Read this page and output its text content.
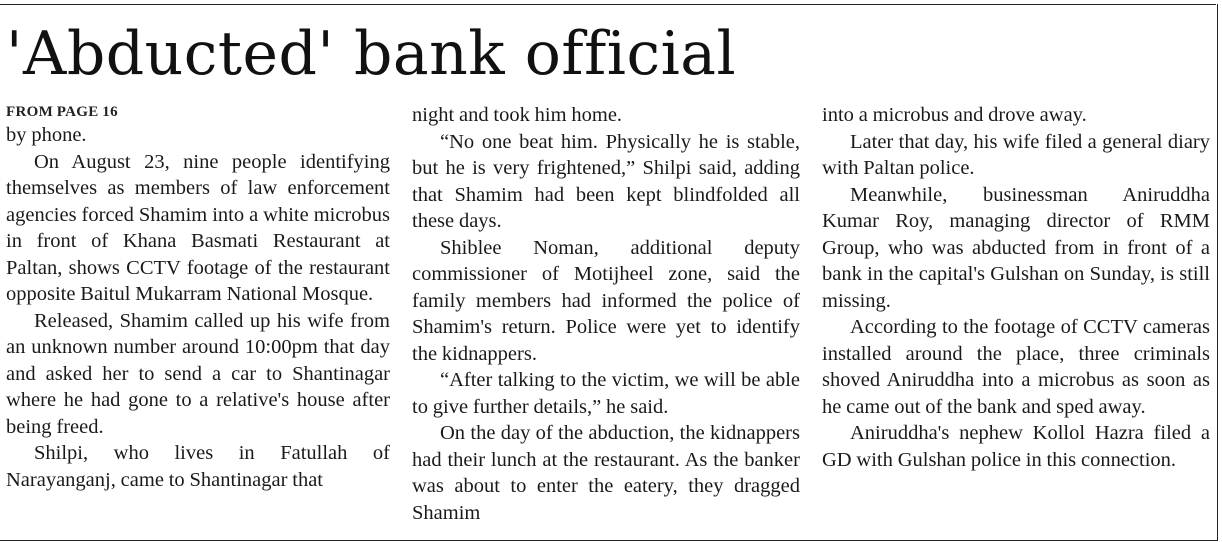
'Abducted' bank official
FROM PAGE 16

by phone.

On August 23, nine people identifying themselves as members of law enforcement agencies forced Shamim into a white microbus in front of Khana Basmati Restaurant at Paltan, shows CCTV footage of the restaurant opposite Baitul Mukarram National Mosque.

Released, Shamim called up his wife from an unknown number around 10:00pm that day and asked her to send a car to Shantinagar where he had gone to a relative's house after being freed.

Shilpi, who lives in Fatullah of Narayanganj, came to Shantinagar that

night and took him home.

“No one beat him. Physically he is stable, but he is very frightened,” Shilpi said, adding that Shamim had been kept blindfolded all these days.

Shiblee Noman, additional deputy commissioner of Motijheel zone, said the family members had informed the police of Shamim's return. Police were yet to identify the kidnappers.

“After talking to the victim, we will be able to give further details,” he said.

On the day of the abduction, the kidnappers had their lunch at the restaurant. As the banker was about to enter the eatery, they dragged Shamim

into a microbus and drove away.

Later that day, his wife filed a general diary with Paltan police.

Meanwhile, businessman Aniruddha Kumar Roy, managing director of RMM Group, who was abducted from in front of a bank in the capital's Gulshan on Sunday, is still missing.

According to the footage of CCTV cameras installed around the place, three criminals shoved Aniruddha into a microbus as soon as he came out of the bank and sped away.

Aniruddha's nephew Kollol Hazra filed a GD with Gulshan police in this connection.
